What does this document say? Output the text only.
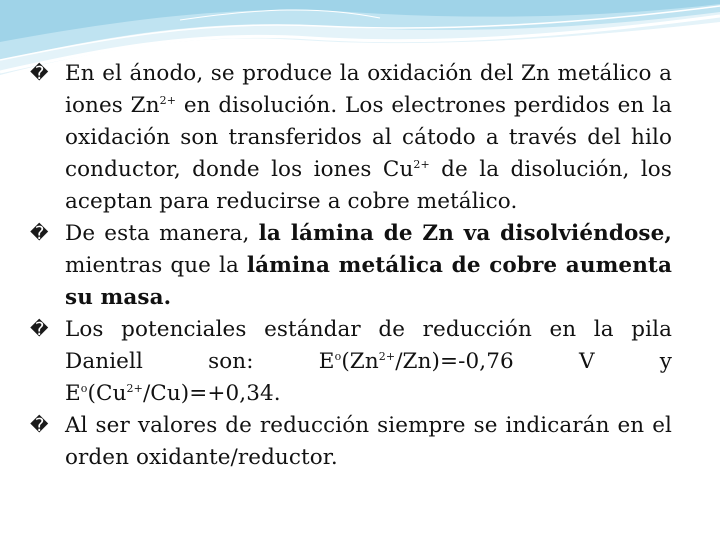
� En el ánodo, se produce la oxidación del Zn metálico a iones $Zn^{2+}$ en disolución. Los electrones perdidos en la oxidación son transferidos al cátodo a través del hilo conductor, donde los iones $Cu^{2+}$ de la disolución, los aceptan para reducirse a cobre metálico.

� De esta manera, la lámina de Zn va disolviéndose, mientras que la lámina metálica de cobre aumenta su masa.

� Los potenciales estándar de reducción en la pila Daniell son: $E^o(Zn^{2+}/Zn)=-0,76$ V y
$E^o(Cu^{2+}/Cu)=+0,34$.

� Al ser valores de reducción siempre se indicarán en el orden oxidante/reductor.
